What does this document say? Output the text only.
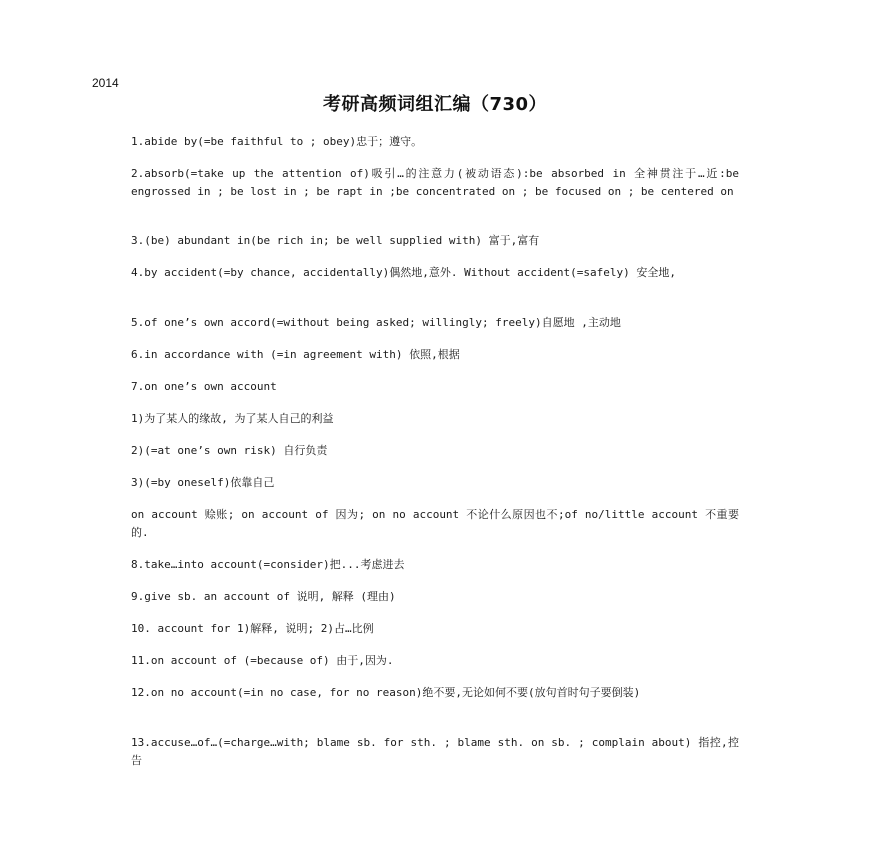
2014
考研高频词组汇编（730）
1.abide by(=be faithful to ; obey)忠于；遵守。
2.absorb(=take up the attention of)吸引…的注意力(被动语态):be absorbed in 全神贯注于…近:be engrossed in ; be lost in ; be rapt in ;be concentrated on ; be focused on ; be centered on
3.(be) abundant in(be rich in; be well supplied with) 富于,富有
4.by accident(=by chance, accidentally)偶然地,意外. Without accident(=safely) 安全地,
5.of one’s own accord(=without being asked; willingly; freely)自愿地 ,主动地
6.in accordance with (=in agreement with) 依照,根据
7.on one’s own account
1)为了某人的缘故, 为了某人自己的利益
2)(=at one’s own risk) 自行负责
3)(=by oneself)依靠自己
on account 赊账; on account of 因为; on no account 不论什么原因也不;of no/little account 不重要的.
8.take…into account(=consider)把...考虑进去
9.give sb. an account of 说明, 解释 (理由)
10. account for 1)解释, 说明; 2)占…比例
11.on account of (=because of) 由于,因为.
12.on no account(=in no case, for no reason)绝不要,无论如何不要(放句首时句子要倒装)
13.accuse…of…(=charge…with; blame sb. for sth. ; blame sth. on sb. ; complain about) 指控,控告
